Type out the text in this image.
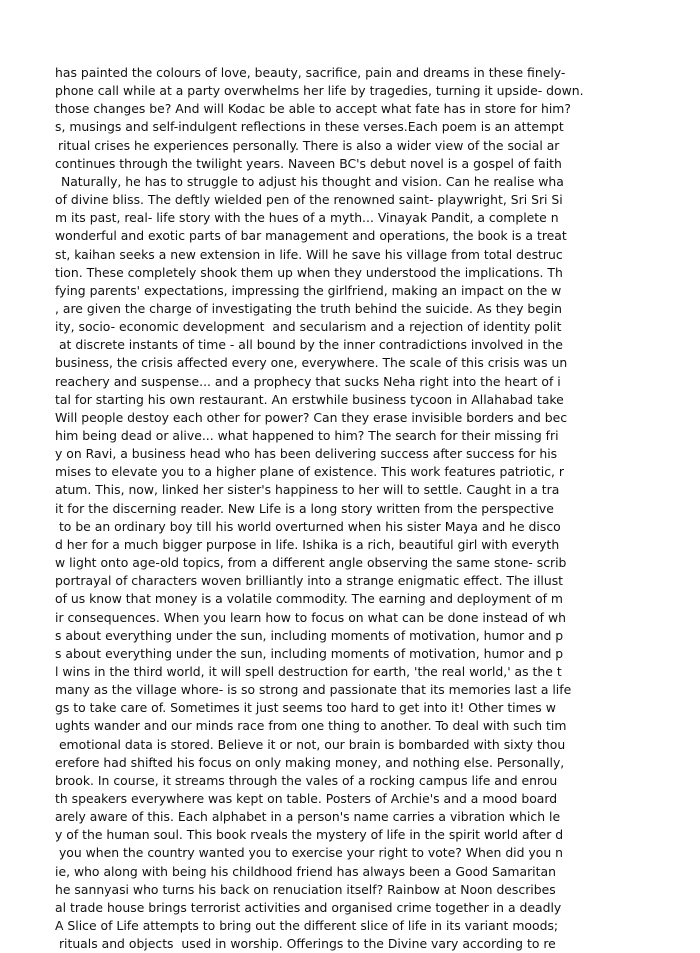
has painted the colours of love, beauty, sacrifice, pain and dreams in these finely-
phone call while at a party overwhelms her life by tragedies, turning it upside- down.
those changes be? And will Kodac be able to accept what fate has in store for him?
s, musings and self-indulgent reflections in these verses.Each poem is an attempt
ritual crises he experiences personally. There is also a wider view of the social ar
continues through the twilight years. Naveen BC's debut novel is a gospel of faith
Naturally, he has to struggle to adjust his thought and vision. Can he realise wha
of divine bliss. The deftly wielded pen of the renowned saint- playwright, Sri Sri Si
m its past, real- life story with the hues of a myth... Vinayak Pandit, a complete n
wonderful and exotic parts of bar management and operations, the book is a treat
st, kaihan seeks a new extension in life. Will he save his village from total destruc
tion. These completely shook them up when they understood the implications. Th
fying parents' expectations, impressing the girlfriend, making an impact on the w
, are given the charge of investigating the truth behind the suicide. As they begin
ity, socio- economic development  and secularism and a rejection of identity polit
at discrete instants of time - all bound by the inner contradictions involved in the
business, the crisis affected every one, everywhere. The scale of this crisis was un
reachery and suspense... and a prophecy that sucks Neha right into the heart of i
tal for starting his own restaurant. An erstwhile business tycoon in Allahabad take
Will people destoy each other for power? Can they erase invisible borders and bec
him being dead or alive... what happened to him? The search for their missing fri
y on Ravi, a business head who has been delivering success after success for his
mises to elevate you to a higher plane of existence. This work features patriotic, r
atum. This, now, linked her sister's happiness to her will to settle. Caught in a tra
it for the discerning reader. New Life is a long story written from the perspective
to be an ordinary boy till his world overturned when his sister Maya and he disco
d her for a much bigger purpose in life. Ishika is a rich, beautiful girl with everyth
w light onto age-old topics, from a different angle observing the same stone- scrib
portrayal of characters woven brilliantly into a strange enigmatic effect. The illust
of us know that money is a volatile commodity. The earning and deployment of m
ir consequences. When you learn how to focus on what can be done instead of wh
s about everything under the sun, including moments of motivation, humor and p
s about everything under the sun, including moments of motivation, humor and p
l wins in the third world, it will spell destruction for earth, 'the real world,' as the t
many as the village whore- is so strong and passionate that its memories last a life
gs to take care of. Sometimes it just seems too hard to get into it! Other times w
ughts wander and our minds race from one thing to another. To deal with such tim
emotional data is stored. Believe it or not, our brain is bombarded with sixty thou
erefore had shifted his focus on only making money, and nothing else. Personally,
brook. In course, it streams through the vales of a rocking campus life and enrou
th speakers everywhere was kept on table. Posters of Archie's and a mood board
arely aware of this. Each alphabet in a person's name carries a vibration which le
y of the human soul. This book rveals the mystery of life in the spirit world after d
you when the country wanted you to exercise your right to vote? When did you n
ie, who along with being his childhood friend has always been a Good Samaritan
he sannyasi who turns his back on renuciation itself? Rainbow at Noon describes
al trade house brings terrorist activities and organised crime together in a deadly
A Slice of Life attempts to bring out the different slice of life in its variant moods;
rituals and objects  used in worship. Offerings to the Divine vary according to re
